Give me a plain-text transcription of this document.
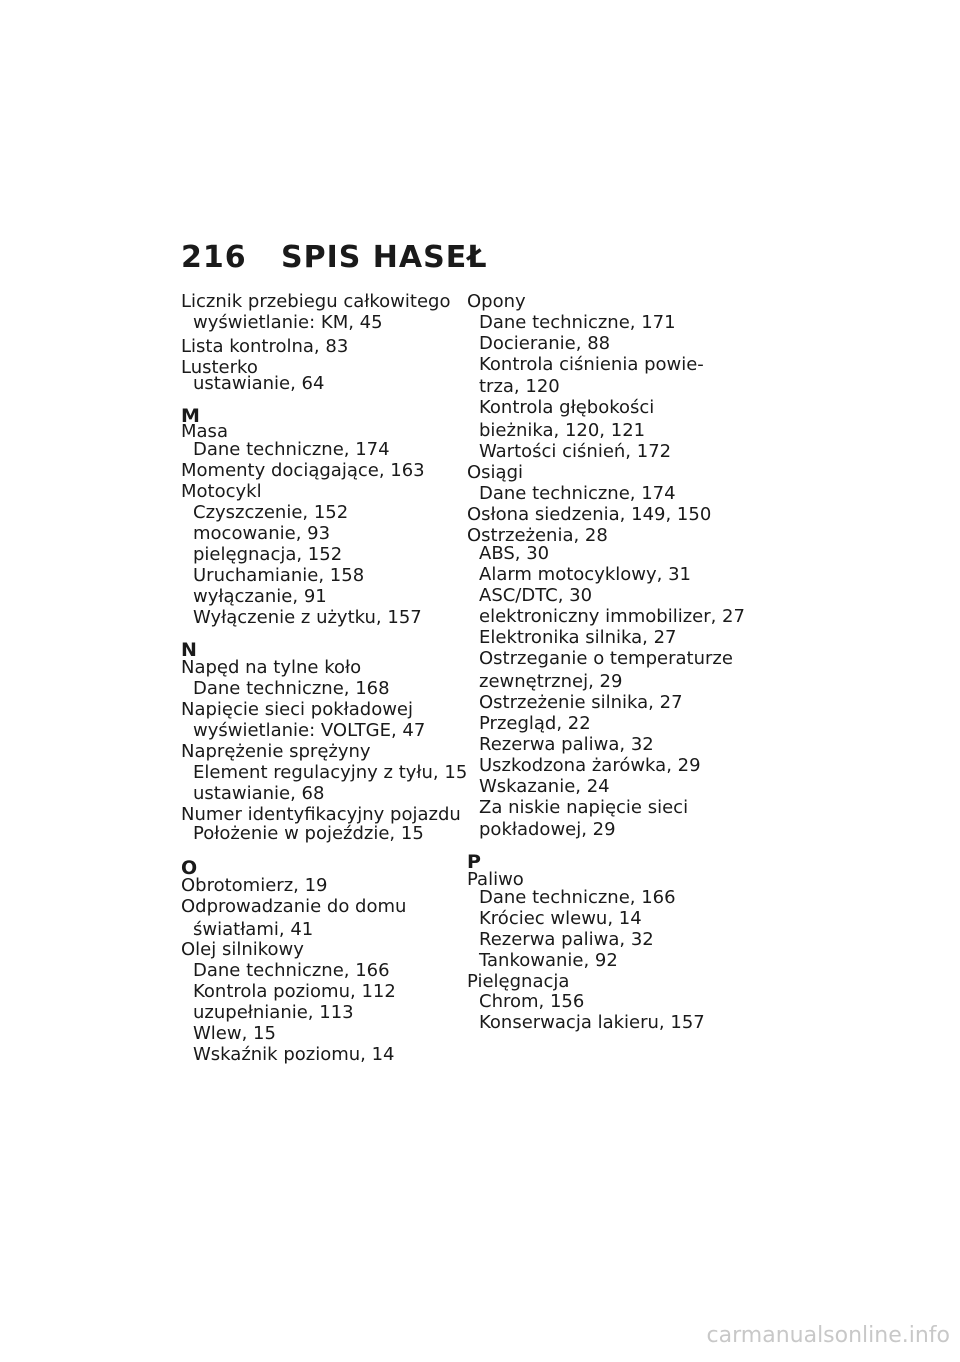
216 SPIS HASEŁ
Licznik przebiegu całkowitego
wyświetlanie: KM, 45
Lista kontrolna, 83
Lusterko
ustawianie, 64
M
Masa
Dane techniczne, 174
Momenty dociągające, 163
Motocykl
Czyszczenie, 152
mocowanie, 93
pielęgnacja, 152
Uruchamianie, 158
wyłączanie, 91
Wyłączenie z użytku, 157
N
Napęd na tylne koło
Dane techniczne, 168
Napięcie sieci pokładowej
wyświetlanie: VOLTGE, 47
Naprężenie sprężyny
Element regulacyjny z tyłu, 15
ustawianie, 68
Numer identyfikacyjny pojazdu
Położenie w pojeździe, 15
O
Obrotomierz, 19
Odprowadzanie do domu
światłami, 41
Olej silnikowy
Dane techniczne, 166
Kontrola poziomu, 112
uzupełnianie, 113
Wlew, 15
Wskaźnik poziomu, 14
Opony
Dane techniczne, 171
Docieranie, 88
Kontrola ciśnienia powie-
trza, 120
Kontrola głębokości
bieżnika, 120, 121
Wartości ciśnień, 172
Osiągi
Dane techniczne, 174
Osłona siedzenia, 149, 150
Ostrzeżenia, 28
ABS, 30
Alarm motocyklowy, 31
ASC/DTC, 30
elektroniczny immobilizer, 27
Elektronika silnika, 27
Ostrzeganie o temperaturze
zewnętrznej, 29
Ostrzeżenie silnika, 27
Przegląd, 22
Rezerwa paliwa, 32
Uszkodzona żarówka, 29
Wskazanie, 24
Za niskie napięcie sieci
pokładowej, 29
P
Paliwo
Dane techniczne, 166
Króciec wlewu, 14
Rezerwa paliwa, 32
Tankowanie, 92
Pielęgnacja
Chrom, 156
Konserwacja lakieru, 157
carmanualsonline.info
